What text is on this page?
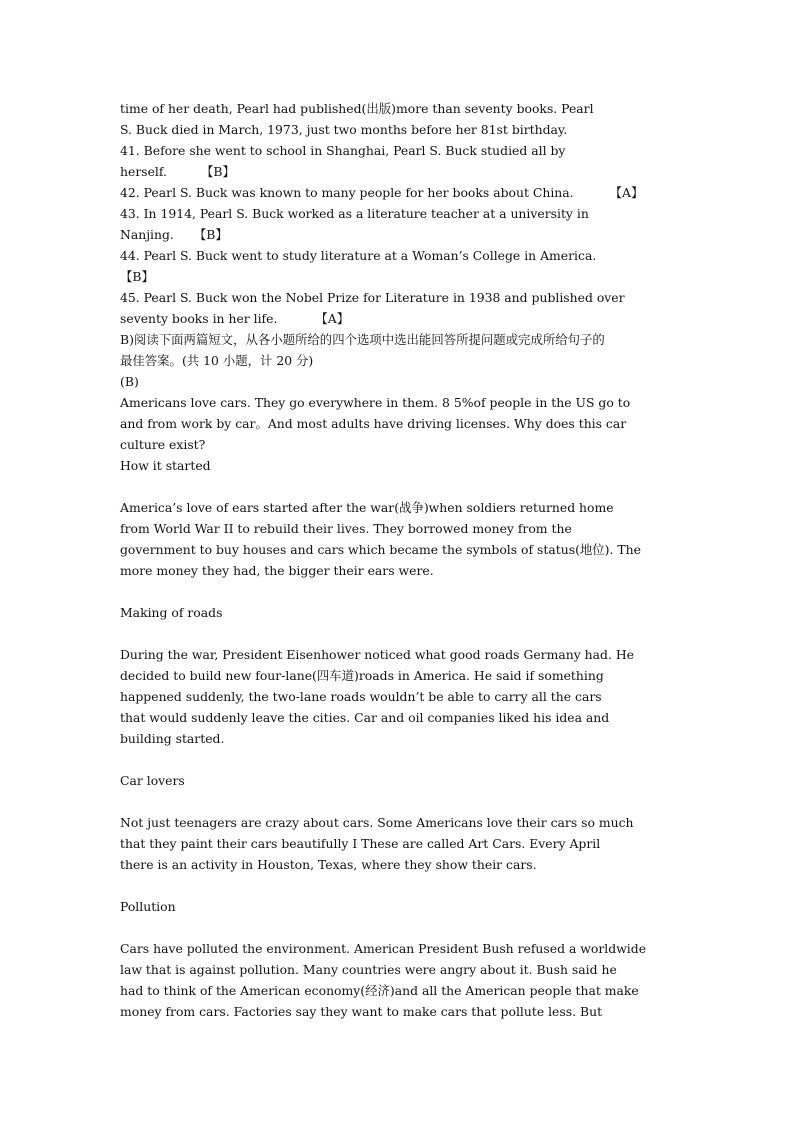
time of her death, Pearl had published(出版)more than seventy books. Pearl
S. Buck died in March, 1973, just two months before her 81st birthday.
41. Before she went to school in Shanghai, Pearl S. Buck studied all by
herself.	【B】
42. Pearl S. Buck was known to many people for her books about China.	【A】
43. In 1914, Pearl S. Buck worked as a literature teacher at a university in
Nanjing. 【B】
44. Pearl S. Buck went to study literature at a Woman’s College in America.
【B】
45. Pearl S. Buck won the Nobel Prize for Literature in 1938 and published over
seventy books in her life.	【A】
B)阅读下面两篇短文，从各小题所给的四个选项中选出能回答所提问题或完成所给句子的
最佳答案。(共 10 小题，计 20 分)
(B)
Americans love cars. They go everywhere in them. 8 5%of people in the US go to
and from work by car。And most adults have driving licenses. Why does this car
culture exist?
How it started
America’s love of ears started after the war(战争)when soldiers returned home
from World War II to rebuild their lives. They borrowed money from the
government to buy houses and cars which became the symbols of status(地位). The
more money they had, the bigger their ears were.
Making of roads
During the war, President Eisenhower noticed what good roads Germany had. He
decided to build new four-lane(四车道)roads in America. He said if something
happened suddenly, the two-lane roads wouldn’t be able to carry all the cars
that would suddenly leave the cities. Car and oil companies liked his idea and
building started.
Car lovers
Not just teenagers are crazy about cars. Some Americans love their cars so much
that they paint their cars beautifully I These are called Art Cars. Every April
there is an activity in Houston, Texas, where they show their cars.
Pollution
Cars have polluted the environment. American President Bush refused a worldwide
law that is against pollution. Many countries were angry about it. Bush said he
had to think of the American economy(经济)and all the American people that make
money from cars. Factories say they want to make cars that pollute less. But
